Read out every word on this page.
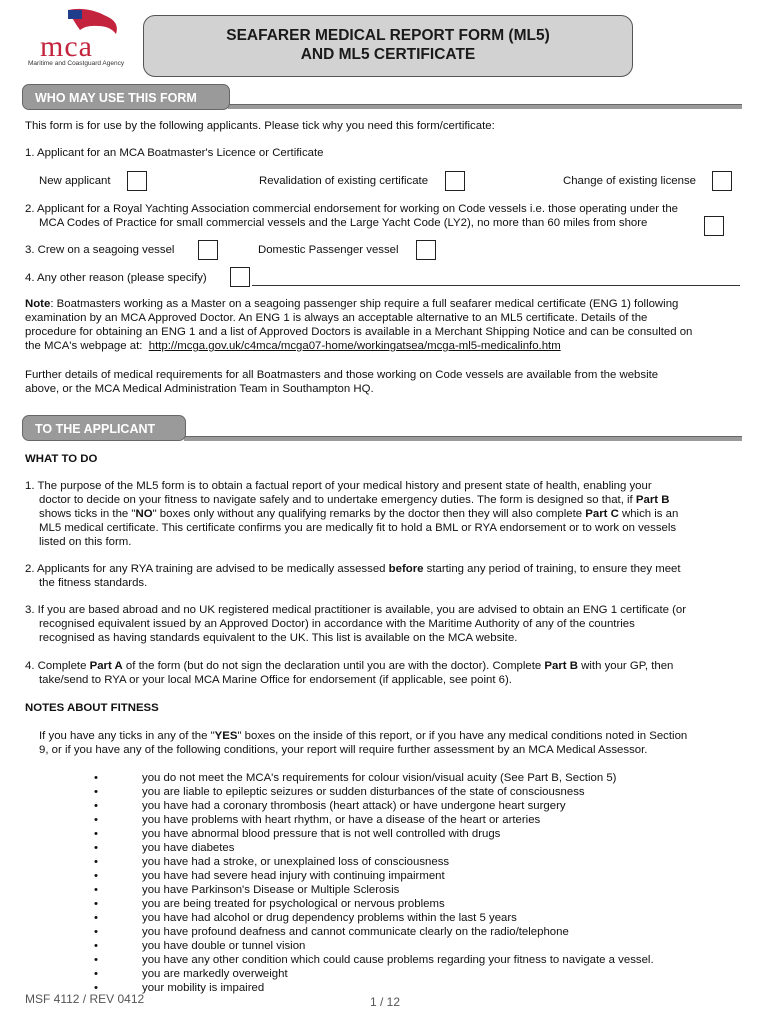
mca
Maritime and Coastguard Agency
SEAFARER MEDICAL REPORT FORM (ML5)
AND ML5 CERTIFICATE
WHO MAY USE THIS FORM
This form is for use by the following applicants. Please tick why you need this form/certificate:
1. Applicant for an MCA Boatmaster's Licence or Certificate
New applicant	Revalidation of existing certificate	Change of existing license
2. Applicant for a Royal Yachting Association commercial endorsement for working on Code vessels i.e. those operating under the
MCA Codes of Practice for small commercial vessels and the Large Yacht Code (LY2), no more than 60 miles from shore
3. Crew on a seagoing vessel	Domestic Passenger vessel
4. Any other reason (please specify)
Note: Boatmasters working as a Master on a seagoing passenger ship require a full seafarer medical certificate (ENG 1) following
examination by an MCA Approved Doctor. An ENG 1 is always an acceptable alternative to an ML5 certificate. Details of the
procedure for obtaining an ENG 1 and a list of Approved Doctors is available in a Merchant Shipping Notice and can be consulted on
the MCA's webpage at: http://mcga.gov.uk/c4mca/mcga07-home/workingatsea/mcga-ml5-medicalinfo.htm
Further details of medical requirements for all Boatmasters and those working on Code vessels are available from the website
above, or the MCA Medical Administration Team in Southampton HQ.
TO THE APPLICANT
WHAT TO DO
1. The purpose of the ML5 form is to obtain a factual report of your medical history and present state of health, enabling your
doctor to decide on your fitness to navigate safely and to undertake emergency duties. The form is designed so that, if Part B
shows ticks in the "NO" boxes only without any qualifying remarks by the doctor then they will also complete Part C which is an
ML5 medical certificate. This certificate confirms you are medically fit to hold a BML or RYA endorsement or to work on vessels
listed on this form.
2. Applicants for any RYA training are advised to be medically assessed before starting any period of training, to ensure they meet
the fitness standards.
3. If you are based abroad and no UK registered medical practitioner is available, you are advised to obtain an ENG 1 certificate (or
recognised equivalent issued by an Approved Doctor) in accordance with the Maritime Authority of any of the countries
recognised as having standards equivalent to the UK. This list is available on the MCA website.
4. Complete Part A of the form (but do not sign the declaration until you are with the doctor). Complete Part B with your GP, then
take/send to RYA or your local MCA Marine Office for endorsement (if applicable, see point 6).
NOTES ABOUT FITNESS
If you have any ticks in any of the "YES" boxes on the inside of this report, or if you have any medical conditions noted in Section
9, or if you have any of the following conditions, your report will require further assessment by an MCA Medical Assessor.
•	you do not meet the MCA's requirements for colour vision/visual acuity (See Part B, Section 5)
•	you are liable to epileptic seizures or sudden disturbances of the state of consciousness
•	you have had a coronary thrombosis (heart attack) or have undergone heart surgery
•	you have problems with heart rhythm, or have a disease of the heart or arteries
•	you have abnormal blood pressure that is not well controlled with drugs
•	you have diabetes
•	you have had a stroke, or unexplained loss of consciousness
•	you have had severe head injury with continuing impairment
•	you have Parkinson's Disease or Multiple Sclerosis
•	you are being treated for psychological or nervous problems
•	you have had alcohol or drug dependency problems within the last 5 years
•	you have profound deafness and cannot communicate clearly on the radio/telephone
•	you have double or tunnel vision
•	you have any other condition which could cause problems regarding your fitness to navigate a vessel.
•	you are markedly overweight
•	your mobility is impaired
MSF 4112 / REV 0412	1 / 12
